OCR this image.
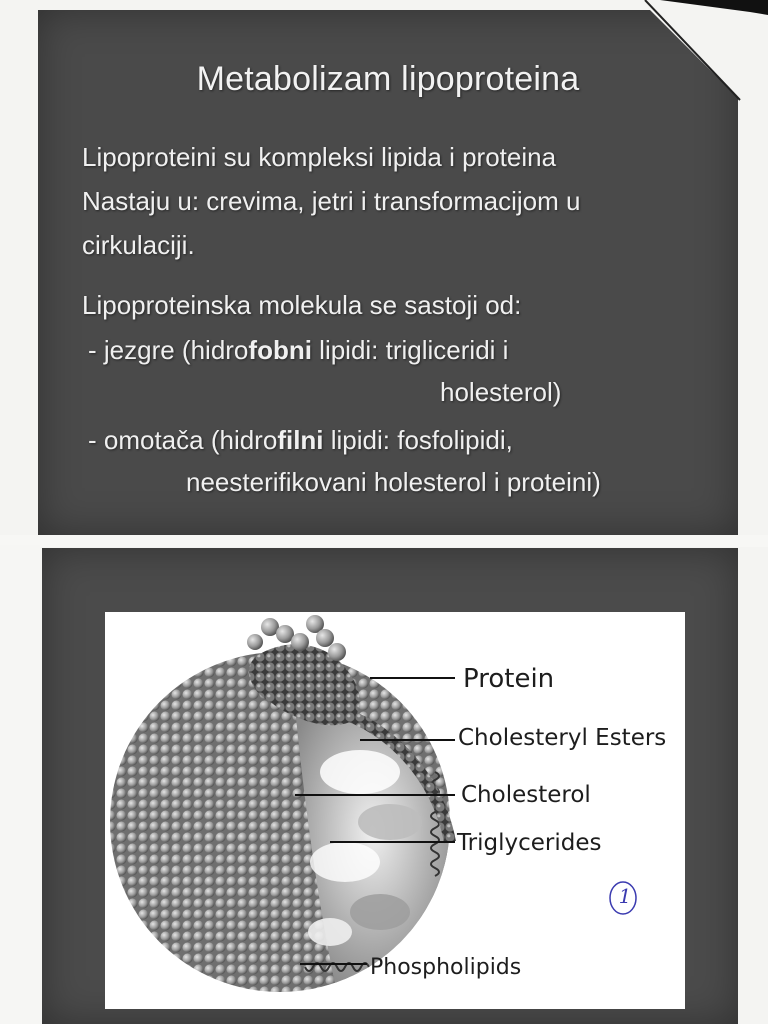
Metabolizam lipoproteina
Lipoproteini su kompleksi lipida i proteina
Nastaju u: crevima, jetri i transformacijom u
cirkulaciji.
Lipoproteinska molekula se sastoji od:
- jezgre (hidrofobni lipidi: trigliceridi i
holesterol)
- omotača (hidrofilni lipidi: fosfolipidi,
neesterifikovani holesterol i proteini)
Protein
Cholesteryl Esters
Cholesterol
Triglycerides
Phospholipids
1
